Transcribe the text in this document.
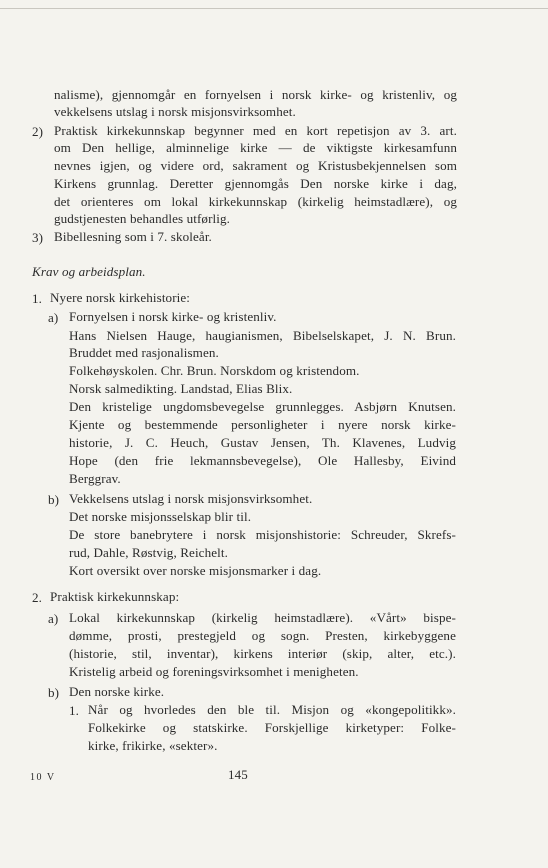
nalisme), gjennomgår en fornyelsen i norsk kirke- og kristenliv, og
vekkelsens utslag i norsk misjonsvirksomhet.
2) Praktisk kirkekunnskap begynner med en kort repetisjon av 3. art.
om Den hellige, alminnelige kirke — de viktigste kirkesamfunn
nevnes igjen, og videre ord, sakrament og Kristusbekjennelsen som
Kirkens grunnlag. Deretter gjennomgås Den norske kirke i dag,
det orienteres om lokal kirkekunnskap (kirkelig heimstadlære), og
gudstjenesten behandles utførlig.
3) Bibellesning som i 7. skoleår.
Krav og arbeidsplan.
1. Nyere norsk kirkehistorie:
a) Fornyelsen i norsk kirke- og kristenliv.
Hans Nielsen Hauge, haugianismen, Bibelselskapet, J. N. Brun.
Bruddet med rasjonalismen.
Folkehøyskolen. Chr. Brun. Norskdom og kristendom.
Norsk salmedikting. Landstad, Elias Blix.
Den kristelige ungdomsbevegelse grunnlegges. Asbjørn Knutsen.
Kjente og bestemmende personligheter i nyere norsk kirke-
historie, J. C. Heuch, Gustav Jensen, Th. Klavenes, Ludvig
Hope (den frie lekmannsbevegelse), Ole Hallesby, Eivind
Berggrav.
b) Vekkelsens utslag i norsk misjonsvirksomhet.
Det norske misjonsselskap blir til.
De store banebrytere i norsk misjonshistorie: Schreuder, Skrefs-
rud, Dahle, Røstvig, Reichelt.
Kort oversikt over norske misjonsmarker i dag.
2. Praktisk kirkekunnskap:
a) Lokal kirkekunnskap (kirkelig heimstadlære). «Vårt» bispe-
dømme, prosti, prestegjeld og sogn. Presten, kirkebyggene
(historie, stil, inventar), kirkens interiør (skip, alter, etc.).
Kristelig arbeid og foreningsvirksomhet i menigheten.
b) Den norske kirke.
1. Når og hvorledes den ble til. Misjon og «kongepolitikk».
Folkekirke og statskirke. Forskjellige kirketyper: Folke-
kirke, frikirke, «sekter».
10 V	145
